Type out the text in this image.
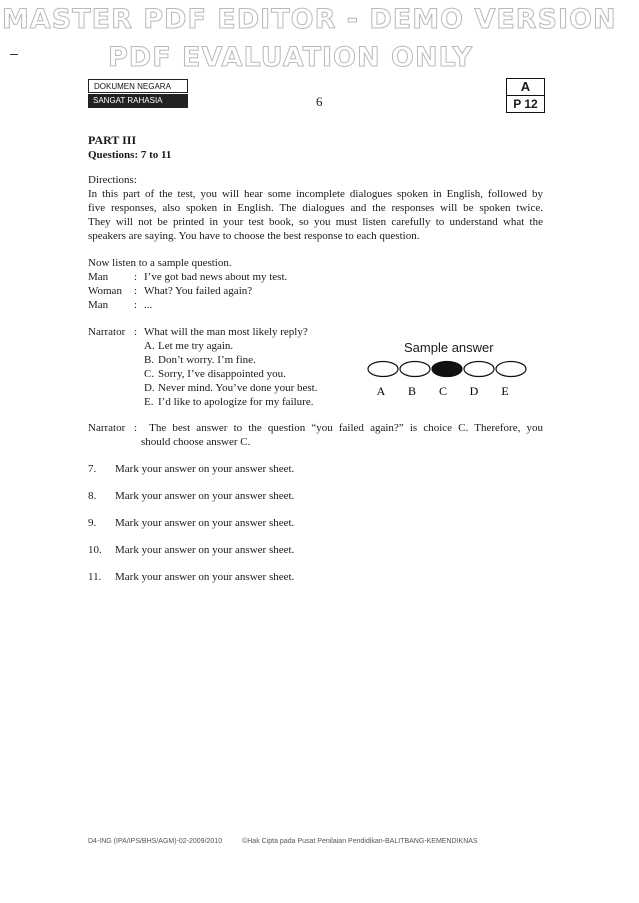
MASTER PDF EDITOR - DEMO VERSION
PDF EVALUATION ONLY
DOKUMEN NEGARA
SANGAT RAHASIA	6
A
P 12
PART III
Questions: 7 to 11
Directions:
In this part of the test, you will hear some incomplete dialogues spoken in English, followed by
five responses, also spoken in English. The dialogues and the responses will be spoken twice.
They will not be printed in your test book, so you must listen carefully to understand what the
speakers are saying. You have to choose the best response to each question.
Now listen to a sample question.
Man : I’ve got bad news about my test.
Woman : What? You failed again?
Man : ...
Narrator : What will the man most likely reply?
A. Let me try again.
B. Don’t worry. I’m fine.
C. Sorry, I’ve disappointed you.
D. Never mind. You’ve done your best.
E. I’d like to apologize for my failure.
Sample answer
A B C D E
Narrator :  The best answer to the question “you failed again?” is choice C. Therefore, you
should choose answer C.
7. Mark your answer on your answer sheet.
8. Mark your answer on your answer sheet.
9. Mark your answer on your answer sheet.
10. Mark your answer on your answer sheet.
11. Mark your answer on your answer sheet.
D4-ING (IPA/IPS/BHS/AGM)-02-2009/2010	©Hak Cipta pada Pusat Penilaian Pendidikan-BALITBANG-KEMENDIKNAS
